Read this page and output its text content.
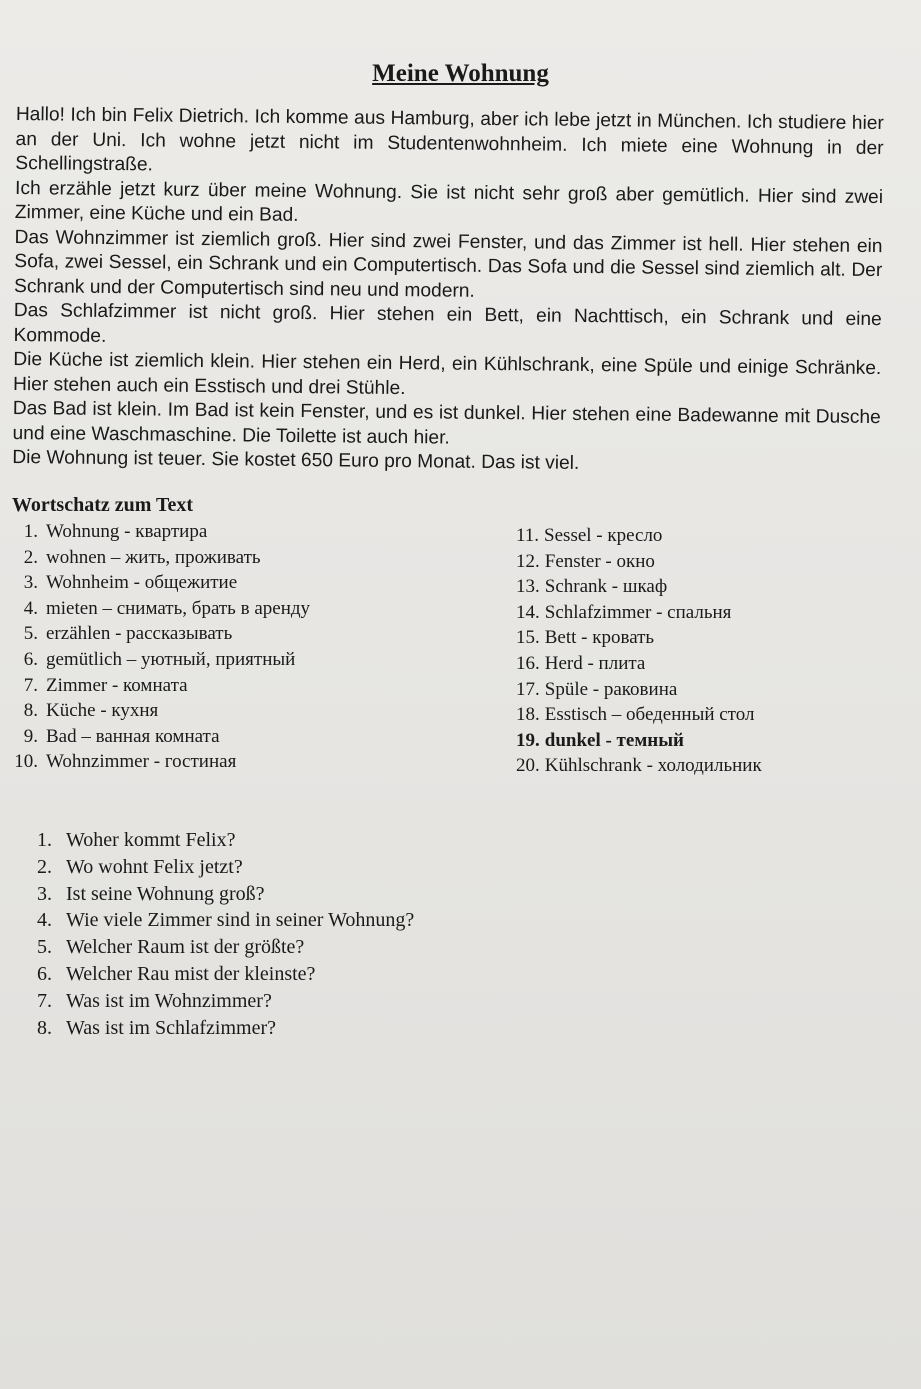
Meine Wohnung

Hallo! Ich bin Felix Dietrich. Ich komme aus Hamburg, aber ich lebe jetzt in München. Ich studiere hier an der Uni. Ich wohne jetzt nicht im Studentenwohnheim. Ich miete eine Wohnung in der Schellingstraße.

Ich erzähle jetzt kurz über meine Wohnung. Sie ist nicht sehr groß aber gemütlich. Hier sind zwei Zimmer, eine Küche und ein Bad.

Das Wohnzimmer ist ziemlich groß. Hier sind zwei Fenster, und das Zimmer ist hell. Hier stehen ein Sofa, zwei Sessel, ein Schrank und ein Computertisch. Das Sofa und die Sessel sind ziemlich alt. Der Schrank und der Computertisch sind neu und modern.

Das Schlafzimmer ist nicht groß. Hier stehen ein Bett, ein Nachttisch, ein Schrank und eine Kommode.

Die Küche ist ziemlich klein. Hier stehen ein Herd, ein Kühlschrank, eine Spüle und einige Schränke. Hier stehen auch ein Esstisch und drei Stühle.

Das Bad ist klein. Im Bad ist kein Fenster, und es ist dunkel. Hier stehen eine Badewanne mit Dusche und eine Waschmaschine. Die Toilette ist auch hier.

Die Wohnung ist teuer. Sie kostet 650 Euro pro Monat. Das ist viel.

Wortschatz zum Text
1. Wohnung - квартира
2. wohnen – жить, проживать
3. Wohnheim - общежитие
4. mieten – снимать, брать в аренду
5. erzählen - рассказывать
6. gemütlich – уютный, приятный
7. Zimmer - комната
8. Küche - кухня
9. Bad – ванная комната
10. Wohnzimmer - гостиная
11. Sessel - кресло
12. Fenster - окно
13. Schrank - шкаф
14. Schlafzimmer - спальня
15. Bett - кровать
16. Herd - плита
17. Spüle - раковина
18. Esstisch – обеденный стол
19. dunkel - темный
20. Kühlschrank - холодильник
1. Woher kommt Felix?
2. Wo wohnt Felix jetzt?
3. Ist seine Wohnung groß?
4. Wie viele Zimmer sind in seiner Wohnung?
5. Welcher Raum ist der größte?
6. Welcher Rau mist der kleinste?
7. Was ist im Wohnzimmer?
8. Was ist im Schlafzimmer?
